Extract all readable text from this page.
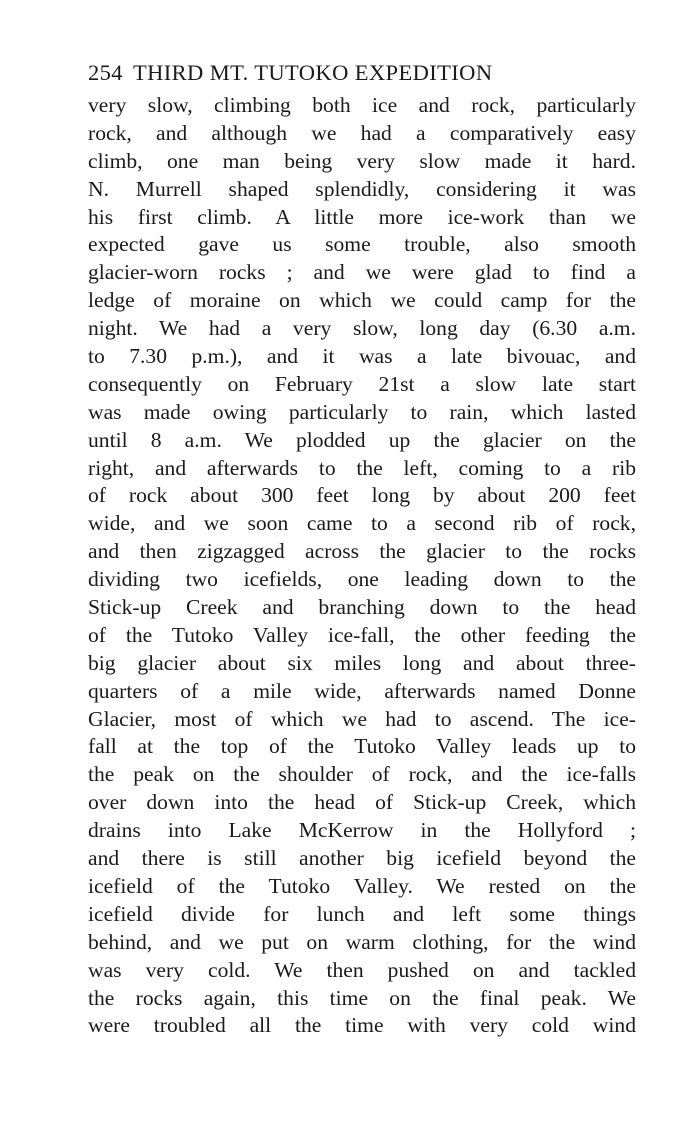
254 THIRD MT. TUTOKO EXPEDITION
very slow, climbing both ice and rock, particularly
rock, and although we had a comparatively easy
climb, one man being very slow made it hard.
N. Murrell shaped splendidly, considering it was
his first climb. A little more ice-work than we
expected gave us some trouble, also smooth
glacier-worn rocks ; and we were glad to find a
ledge of moraine on which we could camp for the
night. We had a very slow, long day (6.30 a.m.
to 7.30 p.m.), and it was a late bivouac, and
consequently on February 21st a slow late start
was made owing particularly to rain, which lasted
until 8 a.m. We plodded up the glacier on the
right, and afterwards to the left, coming to a rib
of rock about 300 feet long by about 200 feet
wide, and we soon came to a second rib of rock,
and then zigzagged across the glacier to the rocks
dividing two icefields, one leading down to the
Stick-up Creek and branching down to the head
of the Tutoko Valley ice-fall, the other feeding the
big glacier about six miles long and about three-
quarters of a mile wide, afterwards named Donne
Glacier, most of which we had to ascend. The ice-
fall at the top of the Tutoko Valley leads up to
the peak on the shoulder of rock, and the ice-falls
over down into the head of Stick-up Creek, which
drains into Lake McKerrow in the Hollyford ;
and there is still another big icefield beyond the
icefield of the Tutoko Valley. We rested on the
icefield divide for lunch and left some things
behind, and we put on warm clothing, for the wind
was very cold. We then pushed on and tackled
the rocks again, this time on the final peak. We
were troubled all the time with very cold wind
